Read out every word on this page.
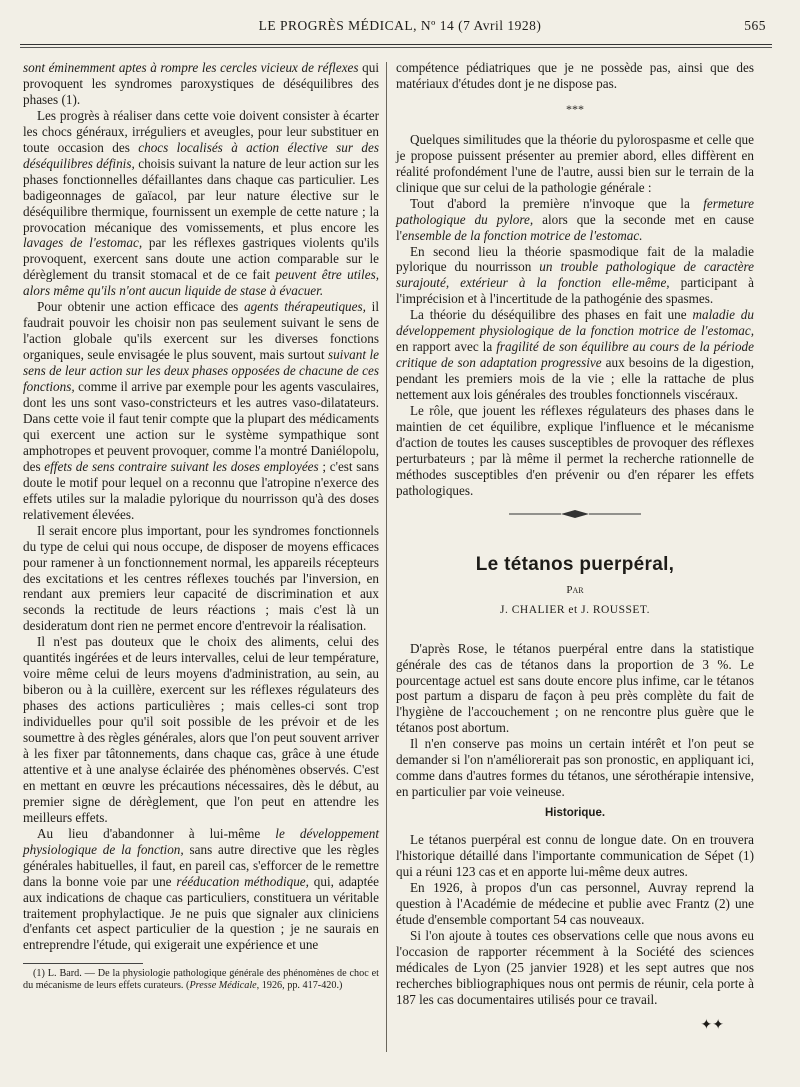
LE PROGRÈS MÉDICAL, Nº 14 (7 Avril 1928)	565

sont éminemment aptes à rompre les cercles vicieux de réflexes qui provoquent les syndromes paroxystiques de déséquilibres des phases (1).

Les progrès à réaliser dans cette voie doivent consister à écarter les chocs généraux, irréguliers et aveugles, pour leur substituer en toute occasion des chocs localisés à action élective sur des déséquilibres définis, choisis suivant la nature de leur action sur les phases fonctionnelles défaillantes dans chaque cas particulier. Les badigeonnages de gaïacol, par leur nature élective sur le déséquilibre thermique, fournissent un exemple de cette nature ; la provocation mécanique des vomissements, et plus encore les lavages de l'estomac, par les réflexes gastriques violents qu'ils provoquent, exercent sans doute une action comparable sur le dérèglement du transit stomacal et de ce fait peuvent être utiles, alors même qu'ils n'ont aucun liquide de stase à évacuer.

Pour obtenir une action efficace des agents thérapeutiques, il faudrait pouvoir les choisir non pas seulement suivant le sens de l'action globale qu'ils exercent sur les diverses fonctions organiques, seule envisagée le plus souvent, mais surtout suivant le sens de leur action sur les deux phases opposées de chacune de ces fonctions, comme il arrive par exemple pour les agents vasculaires, dont les uns sont vaso-constricteurs et les autres vaso-dilatateurs. Dans cette voie il faut tenir compte que la plupart des médicaments qui exercent une action sur le système sympathique sont amphotropes et peuvent provoquer, comme l'a montré Daniélopolu, des effets de sens contraire suivant les doses employées ; c'est sans doute le motif pour lequel on a reconnu que l'atropine n'exerce des effets utiles sur la maladie pylorique du nourrisson qu'à des doses relativement élevées.

Il serait encore plus important, pour les syndromes fonctionnels du type de celui qui nous occupe, de disposer de moyens efficaces pour ramener à un fonctionnement normal, les appareils récepteurs des excitations et les centres réflexes touchés par l'inversion, en rendant aux premiers leur capacité de discrimination et aux seconds la rectitude de leurs réactions ; mais c'est là un desideratum dont rien ne permet encore d'entrevoir la réalisation.

Il n'est pas douteux que le choix des aliments, celui des quantités ingérées et de leurs intervalles, celui de leur température, voire même celui de leurs moyens d'administration, au sein, au biberon ou à la cuillère, exercent sur les réflexes régulateurs des phases des actions particulières ; mais celles-ci sont trop individuelles pour qu'il soit possible de les prévoir et de les soumettre à des règles générales, alors que l'on peut souvent arriver à les fixer par tâtonnements, dans chaque cas, grâce à une étude attentive et à une analyse éclairée des phénomènes observés. C'est en mettant en œuvre les précautions nécessaires, dès le début, au premier signe de dérèglement, que l'on peut en attendre les meilleurs effets.

Au lieu d'abandonner à lui-même le développement physiologique de la fonction, sans autre directive que les règles générales habituelles, il faut, en pareil cas, s'efforcer de le remettre dans la bonne voie par une rééducation méthodique, qui, adaptée aux indications de chaque cas particuliers, constituera un véritable traitement prophylactique. Je ne puis que signaler aux cliniciens d'enfants cet aspect particulier de la question ; je ne saurais en entreprendre l'étude, qui exigerait une expérience et une

(1) L. Bard. — De la physiologie pathologique générale des phénomènes de choc et du mécanisme de leurs effets curateurs. (Presse Médicale, 1926, pp. 417-420.)

compétence pédiatriques que je ne possède pas, ainsi que des matériaux d'études dont je ne dispose pas.

***

Quelques similitudes que la théorie du pylorospasme et celle que je propose puissent présenter au premier abord, elles diffèrent en réalité profondément l'une de l'autre, aussi bien sur le terrain de la clinique que sur celui de la pathologie générale :

Tout d'abord la première n'invoque que la fermeture pathologique du pylore, alors que la seconde met en cause l'ensemble de la fonction motrice de l'estomac.

En second lieu la théorie spasmodique fait de la maladie pylorique du nourrisson un trouble pathologique de caractère surajouté, extérieur à la fonction elle-même, participant à l'imprécision et à l'incertitude de la pathogénie des spasmes.

La théorie du déséquilibre des phases en fait une maladie du développement physiologique de la fonction motrice de l'estomac, en rapport avec la fragilité de son équilibre au cours de la période critique de son adaptation progressive aux besoins de la digestion, pendant les premiers mois de la vie ; elle la rattache de plus nettement aux lois générales des troubles fonctionnels viscéraux.

Le rôle, que jouent les réflexes régulateurs des phases dans le maintien de cet équilibre, explique l'influence et le mécanisme d'action de toutes les causes susceptibles de provoquer des réflexes perturbateurs ; par là même il permet la recherche rationnelle de méthodes susceptibles d'en prévenir ou d'en réparer les effets pathologiques.

Le tétanos puerpéral,
Par
J. CHALIER et J. ROUSSET.

D'après Rose, le tétanos puerpéral entre dans la statistique générale des cas de tétanos dans la proportion de 3 %. Le pourcentage actuel est sans doute encore plus infime, car le tétanos post partum a disparu de façon à peu près complète du fait de l'hygiène de l'accouchement ; on ne rencontre plus guère que le tétanos post abortum.

Il n'en conserve pas moins un certain intérêt et l'on peut se demander si l'on n'améliorerait pas son pronostic, en appliquant ici, comme dans d'autres formes du tétanos, une sérothérapie intensive, en particulier par voie veineuse.

Historique.

Le tétanos puerpéral est connu de longue date. On en trouvera l'historique détaillé dans l'importante communication de Sépet (1) qui a réuni 123 cas et en apporte lui-même deux autres.

En 1926, à propos d'un cas personnel, Auvray reprend la question à l'Académie de médecine et publie avec Frantz (2) une étude d'ensemble comportant 54 cas nouveaux.

Si l'on ajoute à toutes ces observations celle que nous avons eu l'occasion de rapporter récemment à la Société des sciences médicales de Lyon (25 janvier 1928) et les sept autres que nos recherches bibliographiques nous ont permis de réunir, cela porte à 187 les cas documentaires utilisés pour ce travail.

✦✦
